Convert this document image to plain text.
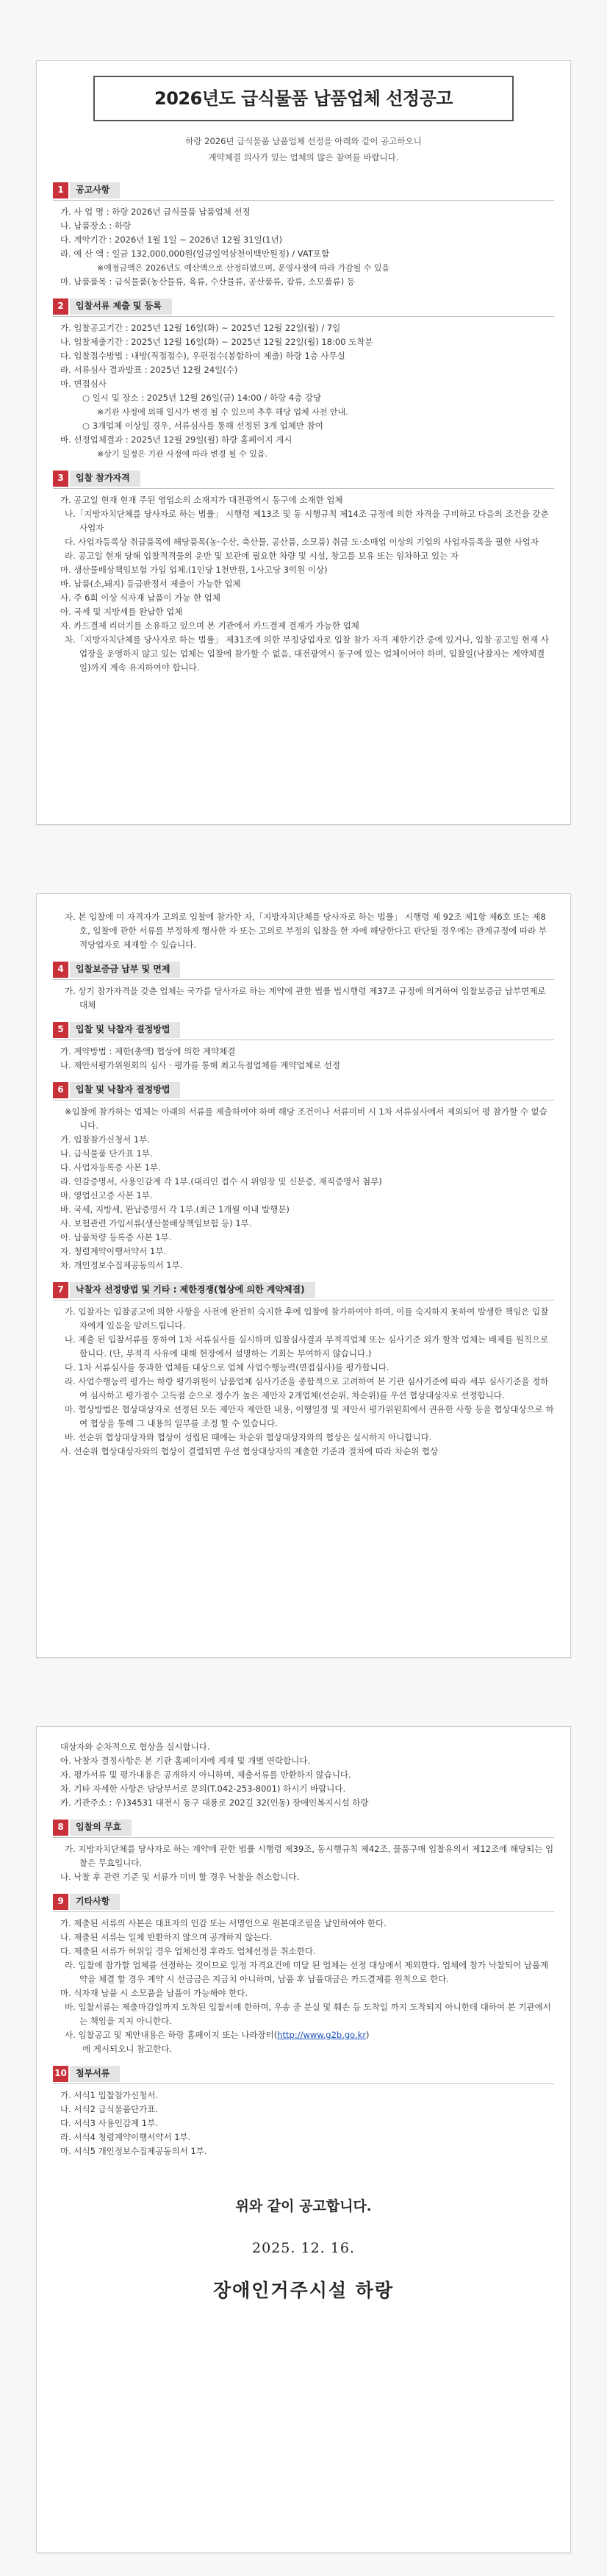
2026년도 급식물품 납품업체 선정공고
하랑 2026년 급식물품 납품업체 선정을 아래와 같이 공고하오니
계약체결 의사가 있는 업체의 많은 참여를 바랍니다.
1	공고사항
가. 사 업 명 : 하랑 2026년 급식물품 납품업체 선정
나. 납품장소 : 하랑
다. 계약기간 : 2026년 1월 1일 ~ 2026년 12월 31일(1년)
라. 예 산 액 : 일금 132,000,000원(일금일억삼천이백만원정) / VAT포함
※예정금액은 2026년도 예산액으로 산정하였으며, 운영사정에 따라 가감될 수 있음
마. 납품품목 : 급식물품(농산물류, 육류, 수산물류, 공산품류, 잡류, 소모품류) 등
2	입찰서류 제출 및 등록
가. 입찰공고기간 : 2025년 12월 16일(화) ~ 2025년 12월 22일(월) / 7일
나. 입찰제출기간 : 2025년 12월 16일(화) ~ 2025년 12월 22일(월) 18:00 도착분
다. 입찰접수방법 : 내방(직접접수), 우편접수(봉함하여 제출) 하랑 1층 사무실
라. 서류심사 결과발표 : 2025년 12월 24일(수)
마. 면접심사
○ 일시 및 장소 : 2025년 12월 26일(금) 14:00 / 하랑 4층 강당
※기관 사정에 의해 일시가 변경 될 수 있으며 추후 해당 업체 사전 안내.
○ 3개업체 이상일 경우, 서류심사를 통해 선정된 3개 업체만 참여
바. 선정업체결과 : 2025년 12월 29일(월) 하랑 홈페이지 게시
※상기 일정은 기관 사정에 따라 변경 될 수 있음.
3	입찰 참가자격
가. 공고일 현재 현재 주된 영업소의 소재지가 대전광역시 동구에 소재한 업체
나.「지방자치단체를 당사자로 하는 법률」 시행령 제13조 및 동 시행규칙 제14조 규정에 의한 자격을 구비하고 다음의 조건을 갖춘 사업자
다. 사업자등록상 취급품목에 해당품목(농·수산, 축산물, 공산품, 소모품) 취급 도·소매업 이상의 기업의 사업자등록을 필한 사업자
라. 공고일 현재 당해 입찰적격물의 운반 및 보관에 필요한 차량 및 시설, 창고를 보유 또는 임차하고 있는 자
마. 생산물배상책임보험 가입 업체.(1인당 1천만원, 1사고당 3억원 이상)
바. 납품(소,돼지) 등급판정서 제출이 가능한 업체
사. 주 6회 이상 식자재 납품이 가능 한 업체
아. 국세 및 지방세를 완납한 업체
자. 카드결제 리더기를 소유하고 있으며 본 기관에서 카드결제 결재가 가능한 업체
차.「지방자치단체를 당사자로 하는 법률」 제31조에 의한 부정당업자로 입찰 참가 자격 제한기간 중에 있거나, 입찰 공고일 현재 사업장을 운영하지 않고 있는 업체는 입찰에 참가할 수 없음, 대전광역시 동구에 있는 업체이어야 하며, 입찰일(낙찰자는 계약체결일)까지 계속 유지하여야 합니다.
자. 본 입찰에 미 자격자가 고의로 입찰에 참가한 자,「지방자치단체를 당사자로 하는 법률」 시행령 제 92조 제1항 제6호 또는 제8호, 입찰에 관한 서류를 부정하게 행사한 자 또는 고의로 부정의 입찰을 한 자에 해당한다고 판단될 경우에는 관계규정에 따라 부적당업자로 제재할 수 있습니다.
4	입찰보증금 납부 및 면제
가. 상기 참가자격을 갖춘 업체는 국가를 당사자로 하는 계약에 관한 법률 법시행령 제37조 규정에 의거하여 입찰보증금 납부면제로 대체
5	입찰 및 낙찰자 결정방법
가. 계약방법 : 제한(총액) 협상에 의한 계약체결
나. 제안서평가위원회의 심사 · 평가를 통해 최고득점업체를 계약업체로 선정
6	입찰 및 낙찰자 결정방법
※입찰에 참가하는 업체는 아래의 서류를 제출하여야 하며 해당 조건이나 서류미비 시 1차 서류심사에서 제외되어 평 참가할 수 없습니다.
가. 입찰참가신청서 1부.
나. 급식물품 단가표 1부.
다. 사업자등록증 사본 1부.
라. 인감증명서, 사용인감계 각 1부.(대리인 접수 시 위임장 및 신분증, 재직증명서 첨부)
마. 영업신고증 사본 1부.
바. 국세, 지방세, 완납증명서 각 1부.(최근 1개월 이내 발행분)
사. 보험관련 가입서류(생산물배상책임보험 등) 1부.
아. 납품차량 등록증 사본 1부.
자. 청렴계약이행서약서 1부.
차. 개인정보수집제공동의서 1부.
7	낙찰자 선정방법 및 기타 : 제한경쟁(협상에 의한 계약체결)
가. 입찰자는 입찰공고에 의한 사항을 사전에 완전히 숙지한 후에 입찰에 참가하여야 하며, 이를 숙지하지 못하여 발생한 책임은 입찰자에게 있음을 알려드립니다.
나. 제출 된 입찰서류를 통하여 1차 서류심사를 실시하며 입찰심사결과 부적격업체 또는 심사기준 외가 할착 업체는 배제를 원칙으로 합니다. (단, 부적격 사유에 대해 현장에서 설명하는 기회는 부여하지 않습니다.)
다. 1차 서류심사를 통과한 업체를 대상으로 업체 사업수행능력(면접심사)를 평가합니다.
라. 사업수행능력 평가는 하랑 평가위원이 납품업체 심사기준을 종합적으로 고려하여 본 기관 심사기준에 따라 세부 심사기준을 정하여 심사하고 평가점수 고득점 순으로 정수가 높은 제안자 2개업체(선순위, 차순위)를 우선 협상대상자로 선정합니다.
마. 협상방법은 협상대상자로 선정된 모든 제안자 제안한 내용, 이행일정 및 제안서 평가위원회에서 권유한 사항 등을 협상대상으로 하여 협상을 통해 그 내용의 일부를 조정 할 수 있습니다.
바. 선순위 협상대상자와 협상이 성립된 때에는 차순위 협상대상자와의 협상은 실시하지 아니합니다.
사. 선순위 협상대상자와의 협상이 결렬되면 우선 협상대상자의 제출한 기준과 절차에 따라 차순위 협상
대상자와 순차적으로 협상을 실시합니다.
아. 낙찰자 결정사항은 본 기관 홈페이지에 게재 및 개별 연락합니다.
자. 평가서류 및 평가내용은 공개하지 아니하며, 제출서류를 반환하지 않습니다.
차. 기타 자세한 사항은 담당부서로 문의(T.042-253-8001) 하시기 바랍니다.
카. 기관주소 : 우)34531 대전시 동구 대룡로 202길 32(인동) 장애인복지시설 하랑
8	입찰의 무효
가. 지방자치단체를 당사자로 하는 계약에 관한 법률 시행령 제39조, 동시행규칙 제42조, 물품구매 입찰유의서 제12조에 해당되는 입찰은 무효입니다.
나. 낙찰 후 관련 기준 및 서류가 미비 할 경우 낙찰을 취소합니다.
9	기타사항
가. 제출된 서류의 사본은 대표자의 인감 또는 서명인으로 원본대조필을 날인하여야 한다.
나. 제출된 서류는 일체 반환하지 않으며 공개하지 않는다.
다. 제출된 서류가 허위일 경우 업체선정 후라도 업체선정을 취소한다.
라. 입찰에 참가할 업체를 선정하는 것이므로 일정 자격요건에 미달 된 업체는 선정 대상에서 제외한다. 업체에 참가 낙찰되어 납품계약을 체결 할 경우 계약 시 선금금은 지급치 아니하며, 납품 후 납품대금은 카드결제를 원칙으로 한다.
마. 식자재 납품 시 소모품을 납품이 가능해야 한다.
바. 입찰서류는 제출마감일까지 도착된 입찰서에 한하며, 우송 중 분실 및 훼손 등 도착일 까지 도착되지 아니한데 대하여 본 기관에서는 책임을 지지 아니한다.
사. 입찰공고 및 제안내용은 하랑 홈페이지 또는 나라장터(http://www.g2b.go.kr)
에 게시되오니 참고한다.
10	첨부서류
가. 서식1 입찰참가신청서.
나. 서식2 급식물품단가표.
다. 서식3 사용인감계 1부.
라. 서식4 청렴계약이행서약서 1부.
마. 서식5 개인정보수집제공동의서 1부.
위와 같이 공고합니다.
2025. 12. 16.
장애인거주시설 하랑
